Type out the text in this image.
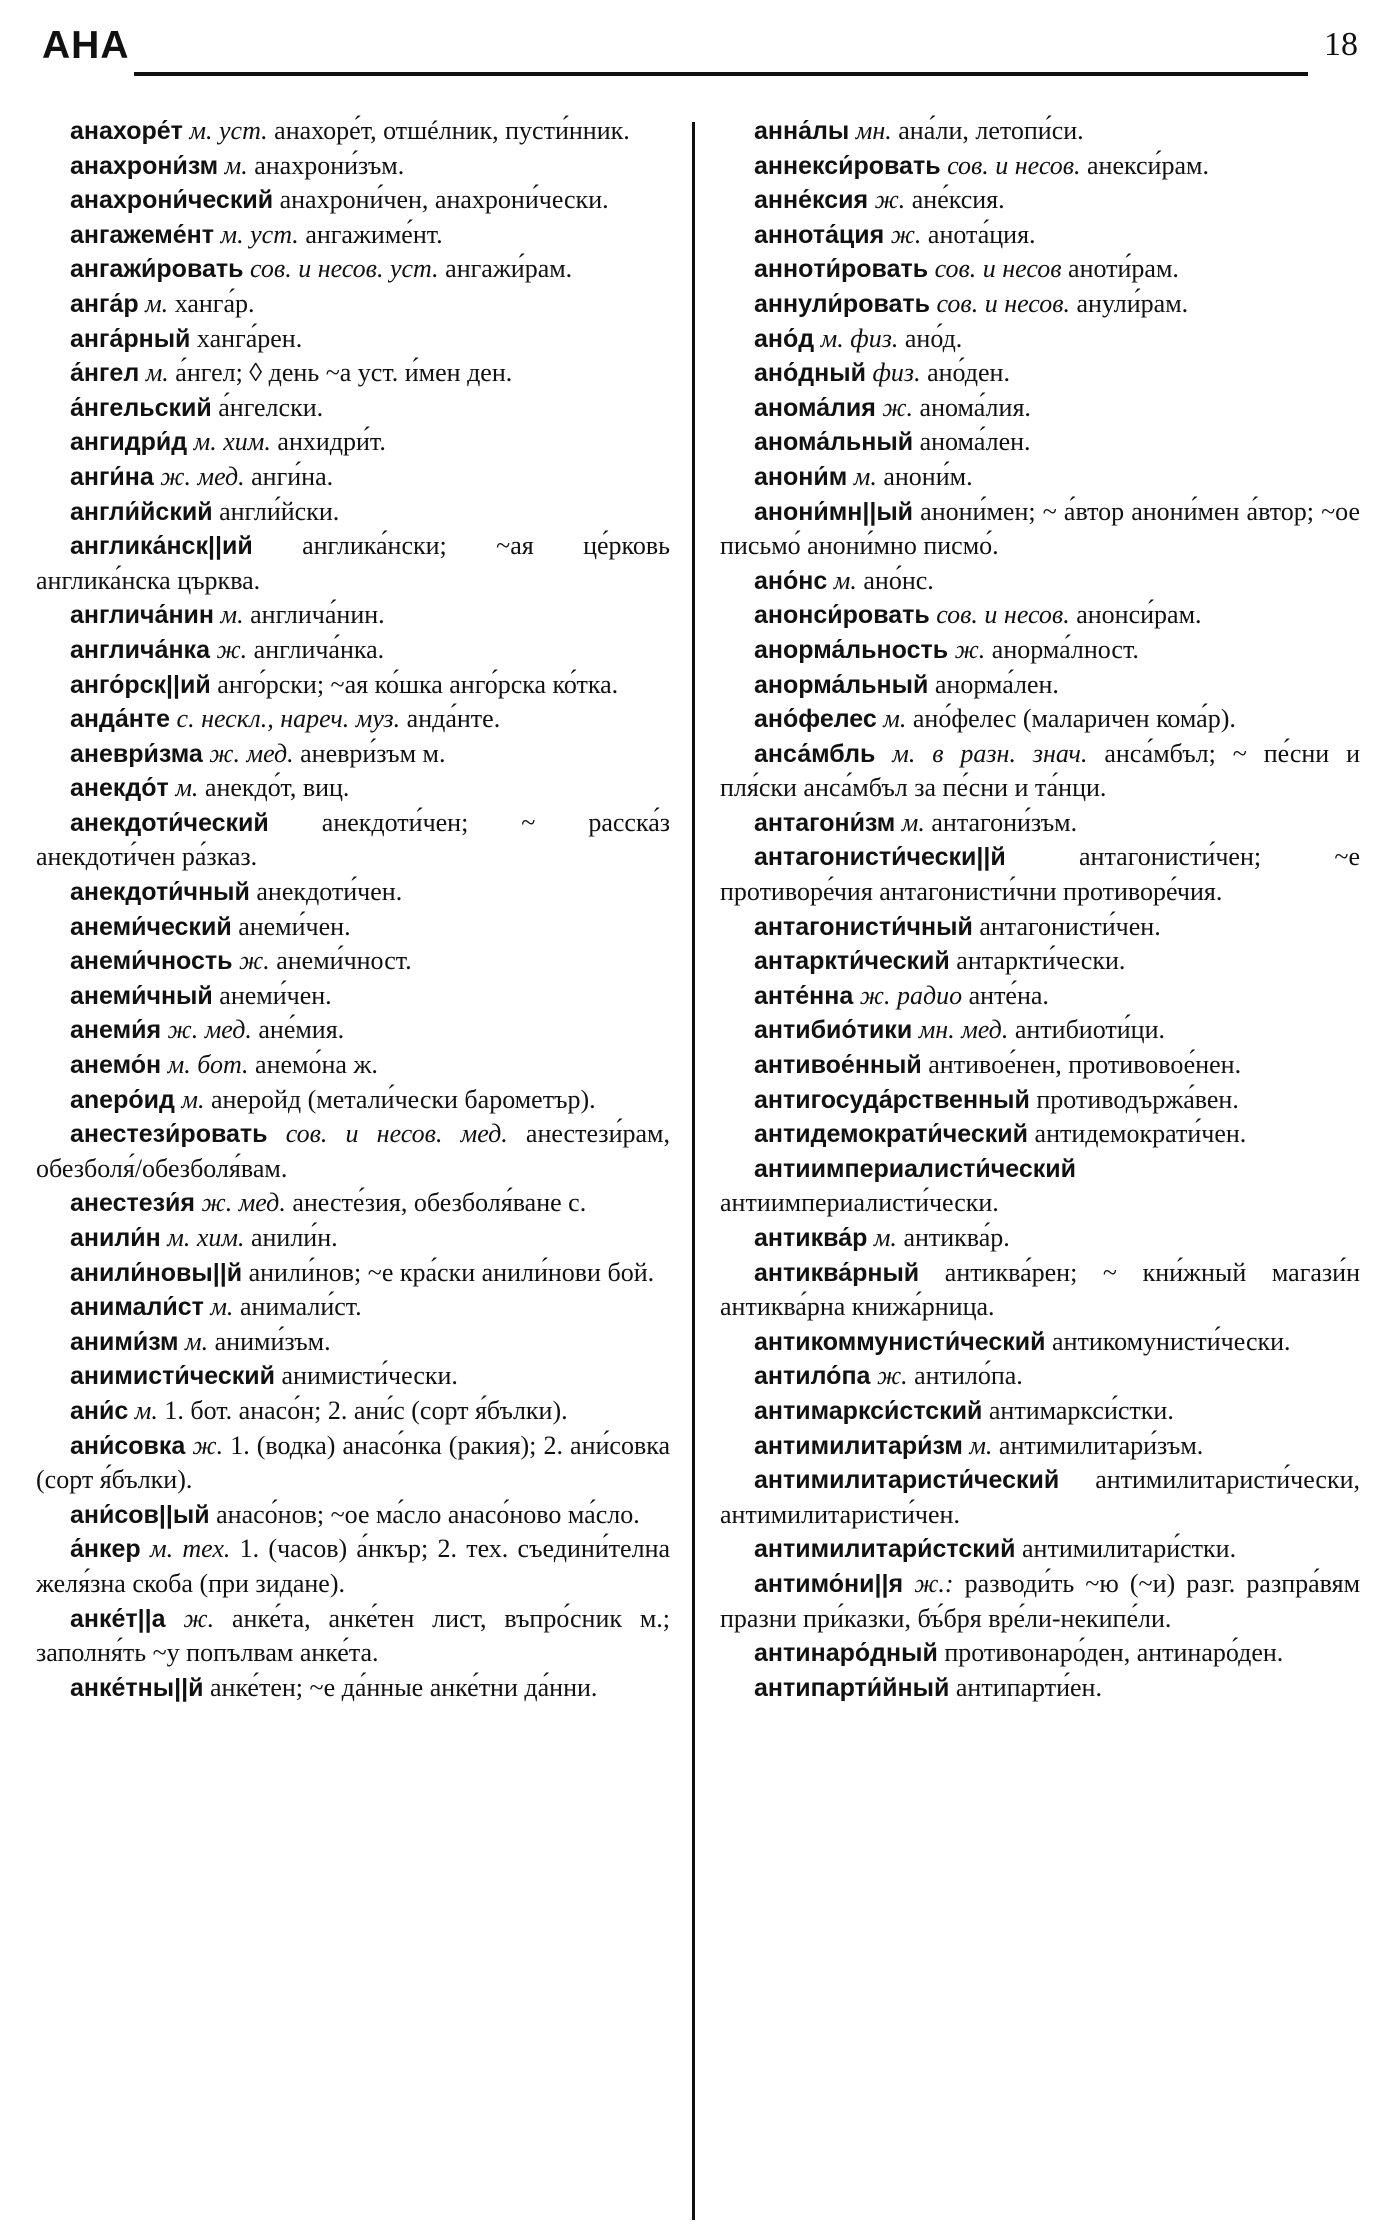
АНА	18

анахоре́т м. уст. анахоре́т, отшéлник, пусти́нник.

анахрони́зм м. анахрони́зъм.

анахрони́ческий анахрони́чен, анахрони́чески.

ангажеме́нт м. уст. ангажиме́нт.

ангажи́ровать сов. и несов. уст. ангажи́рам.

анга́р м. ханга́р.

анга́рный ханга́рен.

а́нгел м. а́нгел; ◊ день ~а уст. и́мен ден.

а́нгельский а́нгелски.

ангидри́д м. хим. анхидри́т.

анги́на ж. мед. анги́на.

англи́йский англи́йски.

англика́нск||ий англика́нски; ~ая це́рковь англика́нска църква.

англича́нин м. англича́нин.

англича́нка ж. англича́нка.

анго́рск||ий анго́рски; ~ая ко́шка анго́рска ко́тка.

анда́нте с. нескл., нареч. муз. анда́нте.

аневри́зма ж. мед. аневри́зъм м.

анекдо́т м. анекдо́т, виц.

анекдоти́ческий анекдоти́чен; ~ расска́з анекдоти́чен ра́зказ.

анекдоти́чный анекдоти́чен.

анеми́ческий анеми́чен.

анеми́чность ж. анеми́чност.

анеми́чный анеми́чен.

анеми́я ж. мед. ане́мия.

анемо́н м. бот. анемо́на ж.

аneро́ид м. анеройд (метали́чески барометър).

анестези́ровать сов. и несов. мед. анестези́рам, обезболя́/обезболя́вам.

анестези́я ж. мед. анесте́зия, обезболя́ване с.

анили́н м. хим. анили́н.

анили́новы||й анили́нов; ~е кра́ски анили́нови бой.

анимали́ст м. анимали́ст.

аними́зм м. аними́зъм.

анимисти́ческий анимисти́чески.

ани́с м. 1. бот. анасо́н; 2. ани́с (сорт я́бълки).

ани́совка ж. 1. (водка) анасо́нка (ракия); 2. ани́совка (сорт я́бълки).

ани́сов||ый анасо́нов; ~ое ма́сло анасо́ново ма́сло.

а́нкер м. тех. 1. (часов) а́нкър; 2. тех. съедини́телна желя́зна скоба (при зидане).

анке́т||а ж. анке́та, анке́тен лист, въпро́сник м.; заполня́ть ~у попълвам анке́та.

анке́тны||й анке́тен; ~е да́нные анке́тни да́нни.

анна́лы мн. ана́ли, летопи́си.

аннекси́ровать сов. и несов. анекси́рам.

анне́ксия ж. ане́ксия.

аннота́ция ж. анота́ция.

аннoти́ровать сов. и несов аноти́рам.

аннули́ровать сов. и несов. анули́рам.

ано́д м. физ. ано́д.

ано́дный физ. ано́ден.

анома́лия ж. анома́лия.

анома́льный анома́лен.

анони́м м. анони́м.

анони́мн||ый анони́мен; ~ а́втор анони́мен а́втор; ~ое письмо́ анони́мно писмо́.

ано́нс м. ано́нс.

анонси́ровать сов. и несов. анонси́рам.

анорма́льность ж. анорма́лност.

анорма́льный анорма́лен.

ано́фелес м. ано́фелес (маларичен кома́р).

анса́мбль м. в разн. знач. анса́мбъл; ~ пе́сни и пля́ски анса́мбъл за пе́сни и та́нци.

антагони́зм м. антагони́зъм.

антагонисти́чески||й	антагонисти́чен; ~е противоре́чия антагонисти́чни противоре́чия.

антагонисти́чный антагонисти́чен.

антаркти́ческий антаркти́чески.

анте́нна ж. радио анте́на.

антибио́тики мн. мед. антибиоти́ци.

антивое́нный антивое́нен, противовое́нен.

антигосуда́рственный противодържа́вен.

антидемократи́ческий антидемократи́чен.

антиимпериалисти́ческий антиимпериалисти́чески.

антиква́р м. антиква́р.

антиква́рный антиква́рен; ~ кни́жный магази́н антиква́рна книжа́рница.

антикоммунисти́ческий антикомунисти́чески.

антило́па ж. антило́па.

антимаркси́стский антимаркси́стки.

антимилитари́зм м. антимилитари́зъм.

антимилитаристи́ческий антимилитаристи́чески, антимилитаристи́чен.

антимилитари́стский антимилитари́стки.

антимо́ни||я ж.: разводи́ть ~ю (~и) разг. разпра́вям празни при́казки, бъ́бря вре́ли-некипе́ли.

антинаро́дный противонаро́ден, антинаро́ден.

антипарти́йный антипарти́ен.
